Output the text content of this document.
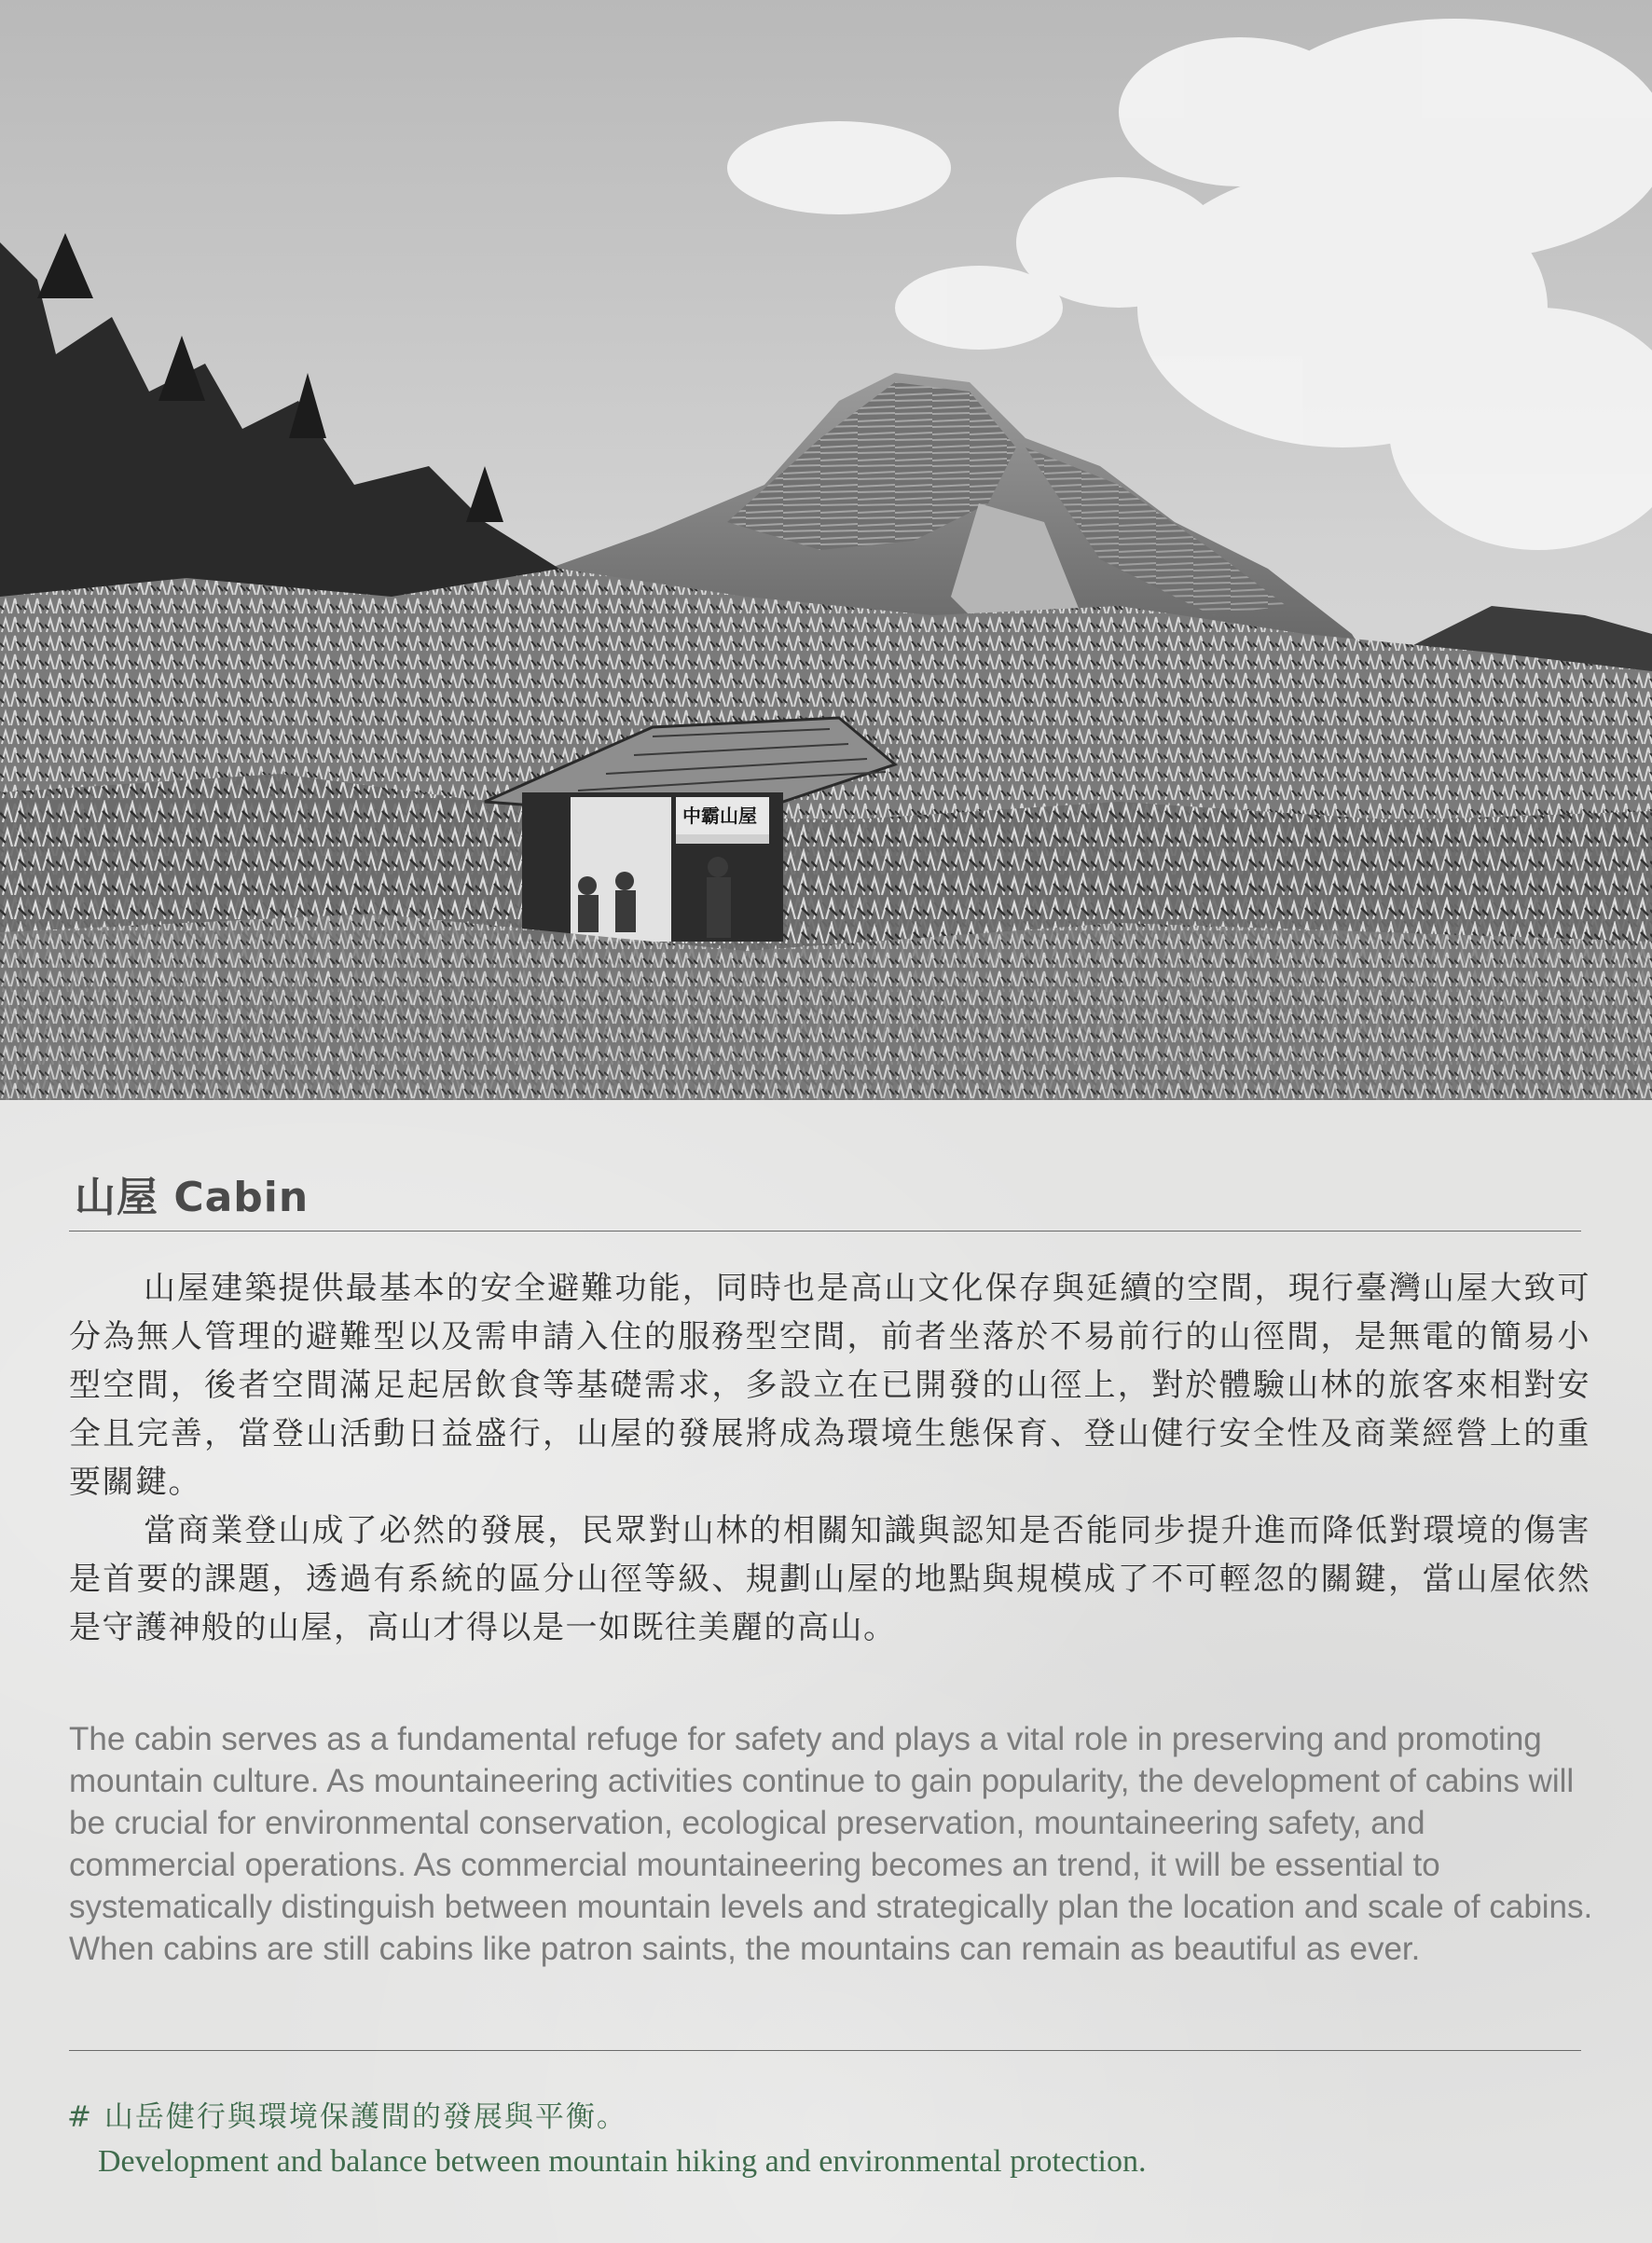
中霸山屋
山屋 Cabin

山屋建築提供最基本的安全避難功能，同時也是高山文化保存與延續的空間，現行臺灣山屋大致可分為無人管理的避難型以及需申請入住的服務型空間，前者坐落於不易前行的山徑間，是無電的簡易小型空間，後者空間滿足起居飲食等基礎需求，多設立在已開發的山徑上，對於體驗山林的旅客來相對安全且完善，當登山活動日益盛行，山屋的發展將成為環境生態保育、登山健行安全性及商業經營上的重要關鍵。

當商業登山成了必然的發展，民眾對山林的相關知識與認知是否能同步提升進而降低對環境的傷害是首要的課題，透過有系統的區分山徑等級、規劃山屋的地點與規模成了不可輕忽的關鍵，當山屋依然是守護神般的山屋，高山才得以是一如既往美麗的高山。

The cabin serves as a fundamental refuge for safety and plays a vital role in preserving and promoting mountain culture. As mountaineering activities continue to gain popularity, the development of cabins will be crucial for environmental conservation, ecological preservation, mountaineering safety, and commercial operations. As commercial mountaineering becomes an trend, it will be essential to systematically distinguish between mountain levels and strategically plan the location and scale of cabins. When cabins are still cabins like patron saints, the mountains can remain as beautiful as ever.

# 山岳健行與環境保護間的發展與平衡。

Development and balance between mountain hiking and environmental protection.
